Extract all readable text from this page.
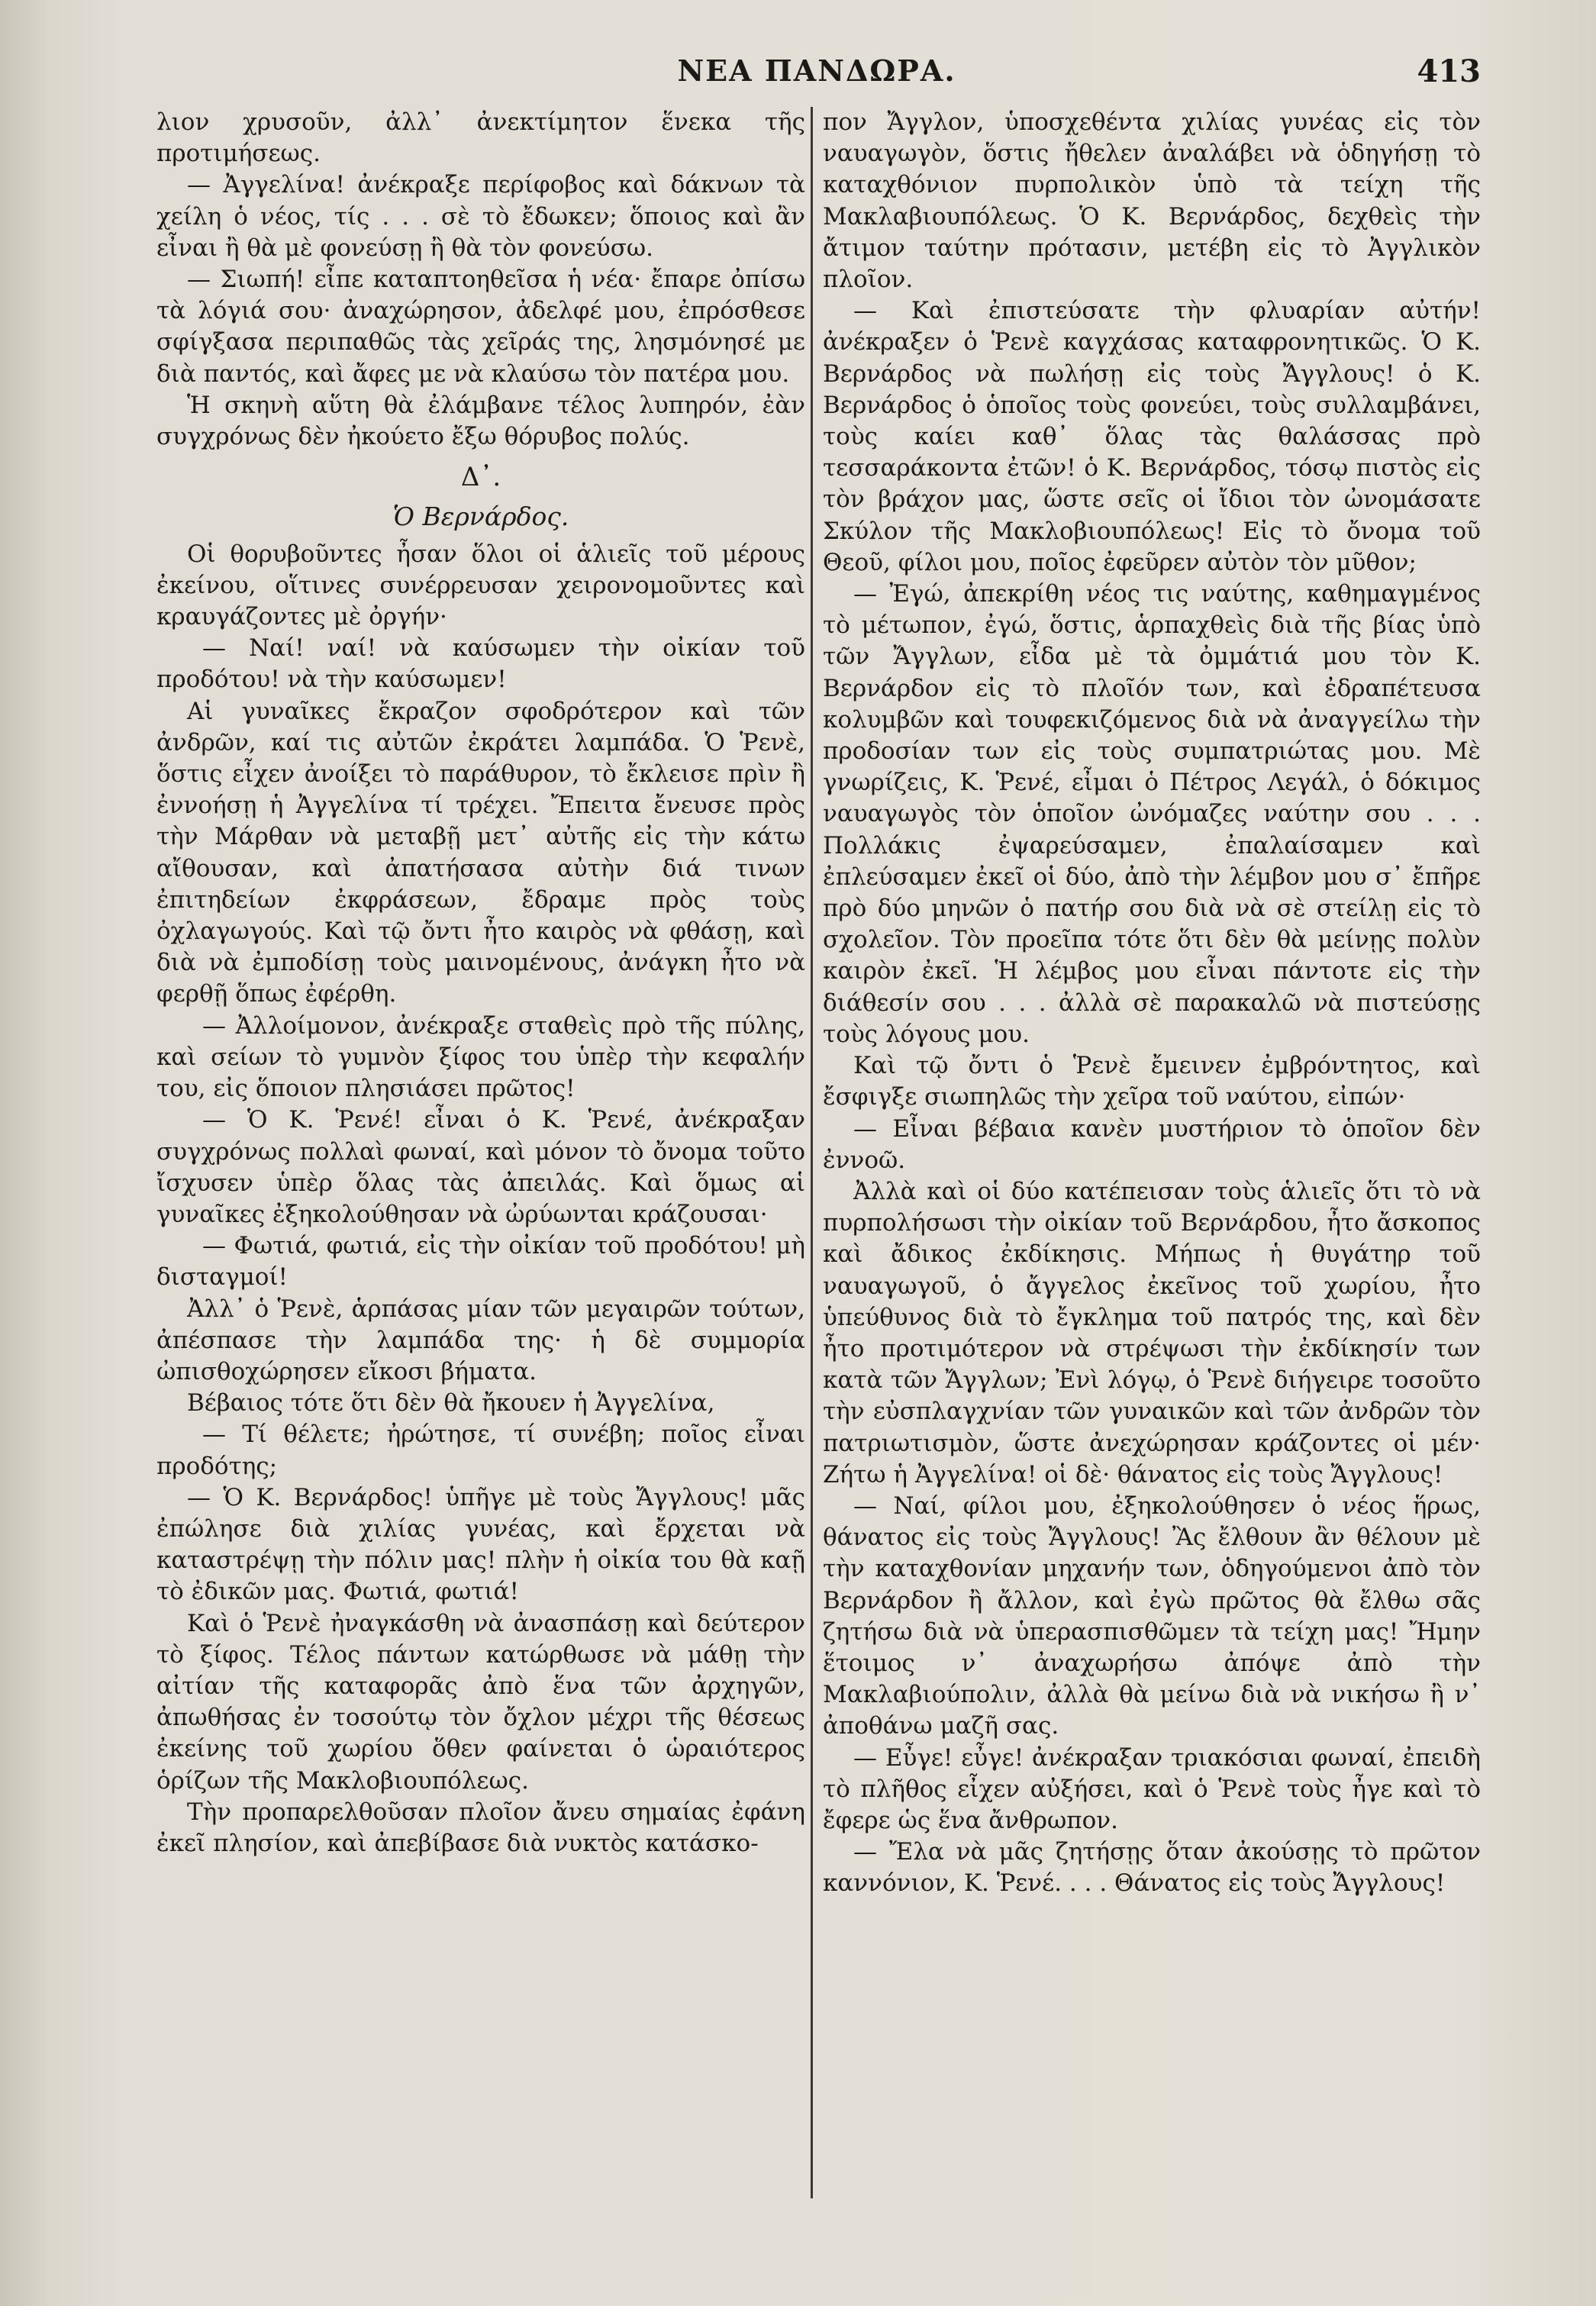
ΝΕΑ ΠΑΝΔΩΡΑ.	413

λιον χρυσοῦν, ἀλλ᾽ ἀνεκτίμητον ἕνεκα τῆς προτιμήσεως.

— Ἀγγελίνα! ἀνέκραξε περίφοβος καὶ δάκνων τὰ χείλη ὁ νέος, τίς . . . σὲ τὸ ἔδωκεν; ὅποιος καὶ ἂν εἶναι ἢ θὰ μὲ φονεύσῃ ἢ θὰ τὸν φονεύσω.

— Σιωπή! εἶπε καταπτοηθεῖσα ἡ νέα· ἔπαρε ὀπίσω τὰ λόγιά σου· ἀναχώρησον, ἀδελφέ μου, ἐπρόσθεσε σφίγξασα περιπαθῶς τὰς χεῖράς της, λησμόνησέ με διὰ παντός, καὶ ἄφες με νὰ κλαύσω τὸν πατέρα μου.

Ἡ σκηνὴ αὕτη θὰ ἐλάμβανε τέλος λυπηρόν, ἐὰν συγχρόνως δὲν ἠκούετο ἔξω θόρυβος πολύς.

Δ᾽.

Ὁ Βερνάρδος.

Οἱ θορυβοῦντες ἦσαν ὅλοι οἱ ἁλιεῖς τοῦ μέρους ἐκείνου, οἵτινες συνέρρευσαν χειρονομοῦντες καὶ κραυγάζοντες μὲ ὀργήν·

— Ναί! ναί! νὰ καύσωμεν τὴν οἰκίαν τοῦ προδότου! νὰ τὴν καύσωμεν!

Αἱ γυναῖκες ἔκραζον σφοδρότερον καὶ τῶν ἀνδρῶν, καί τις αὐτῶν ἐκράτει λαμπάδα. Ὁ Ῥενὲ, ὅστις εἶχεν ἀνοίξει τὸ παράθυρον, τὸ ἔκλεισε πρὶν ἢ ἐννοήσῃ ἡ Ἀγγελίνα τί τρέχει. Ἔπειτα ἔνευσε πρὸς τὴν Μάρθαν νὰ μεταβῇ μετ᾽ αὐτῆς εἰς τὴν κάτω αἴθουσαν, καὶ ἀπατήσασα αὐτὴν διά τινων ἐπιτηδείων ἐκφράσεων, ἔδραμε πρὸς τοὺς ὀχλαγωγούς. Καὶ τῷ ὄντι ἦτο καιρὸς νὰ φθάσῃ, καὶ διὰ νὰ ἐμποδίσῃ τοὺς μαινομένους, ἀνάγκη ἦτο νὰ φερθῇ ὅπως ἐφέρθη.

— Ἀλλοίμονον, ἀνέκραξε σταθεὶς πρὸ τῆς πύλης, καὶ σείων τὸ γυμνὸν ξίφος του ὑπὲρ τὴν κεφαλήν του, εἰς ὅποιον πλησιάσει πρῶτος!

— Ὁ Κ. Ῥενέ! εἶναι ὁ Κ. Ῥενέ, ἀνέκραξαν συγχρόνως πολλαὶ φωναί, καὶ μόνον τὸ ὄνομα τοῦτο ἴσχυσεν ὑπὲρ ὅλας τὰς ἀπειλάς. Καὶ ὅμως αἱ γυναῖκες ἐξηκολούθησαν νὰ ὠρύωνται κράζουσαι·

— Φωτιά, φωτιά, εἰς τὴν οἰκίαν τοῦ προδότου! μὴ δισταγμοί!

Ἀλλ᾽ ὁ Ῥενὲ, ἁρπάσας μίαν τῶν μεγαιρῶν τούτων, ἀπέσπασε τὴν λαμπάδα της· ἡ δὲ συμμορία ὠπισθοχώρησεν εἴκοσι βήματα.

Βέβαιος τότε ὅτι δὲν θὰ ἤκουεν ἡ Ἀγγελίνα,

— Τί θέλετε; ἠρώτησε, τί συνέβη; ποῖος εἶναι προδότης;

— Ὁ Κ. Βερνάρδος! ὑπῆγε μὲ τοὺς Ἄγγλους! μᾶς ἐπώλησε διὰ χιλίας γυνέας, καὶ ἔρχεται νὰ καταστρέψῃ τὴν πόλιν μας! πλὴν ἡ οἰκία του θὰ καῇ τὸ ἐδικῶν μας. Φωτιά, φωτιά!

Καὶ ὁ Ῥενὲ ἠναγκάσθη νὰ ἀνασπάσῃ καὶ δεύτερον τὸ ξίφος. Τέλος πάντων κατώρθωσε νὰ μάθῃ τὴν αἰτίαν τῆς καταφορᾶς ἀπὸ ἕνα τῶν ἀρχηγῶν, ἀπωθήσας ἐν τοσούτῳ τὸν ὄχλον μέχρι τῆς θέσεως ἐκείνης τοῦ χωρίου ὅθεν φαίνεται ὁ ὡραιότερος ὁρίζων τῆς Μακλοβιουπόλεως.

Τὴν προπαρελθοῦσαν πλοῖον ἄνευ σημαίας ἐφάνη ἐκεῖ πλησίον, καὶ ἀπεβίβασε διὰ νυκτὸς κατάσκο-

πον Ἄγγλον, ὑποσχεθέντα χιλίας γυνέας εἰς τὸν ναυαγωγὸν, ὅστις ἤθελεν ἀναλάβει νὰ ὁδηγήσῃ τὸ καταχθόνιον πυρπολικὸν ὑπὸ τὰ τείχη τῆς Μακλαβιουπόλεως. Ὁ Κ. Βερνάρδος, δεχθεὶς τὴν ἄτιμον ταύτην πρότασιν, μετέβη εἰς τὸ Ἀγγλικὸν πλοῖον.

— Καὶ ἐπιστεύσατε τὴν φλυαρίαν αὐτήν! ἀνέκραξεν ὁ Ῥενὲ καγχάσας καταφρονητικῶς. Ὁ Κ. Βερνάρδος νὰ πωλήσῃ εἰς τοὺς Ἄγγλους! ὁ Κ. Βερνάρδος ὁ ὁποῖος τοὺς φονεύει, τοὺς συλλαμβάνει, τοὺς καίει καθ᾽ ὅλας τὰς θαλάσσας πρὸ τεσσαράκοντα ἐτῶν! ὁ Κ. Βερνάρδος, τόσῳ πιστὸς εἰς τὸν βράχον μας, ὥστε σεῖς οἱ ἴδιοι τὸν ὠνομάσατε Σκύλον τῆς Μακλοβιουπόλεως! Εἰς τὸ ὄνομα τοῦ Θεοῦ, φίλοι μου, ποῖος ἐφεῦρεν αὐτὸν τὸν μῦθον;

— Ἐγώ, ἀπεκρίθη νέος τις ναύτης, καθημαγμένος τὸ μέτωπον, ἐγώ, ὅστις, ἁρπαχθεὶς διὰ τῆς βίας ὑπὸ τῶν Ἄγγλων, εἶδα μὲ τὰ ὀμμάτιά μου τὸν Κ. Βερνάρδον εἰς τὸ πλοῖόν των, καὶ ἐδραπέτευσα κολυμβῶν καὶ τουφεκιζόμενος διὰ νὰ ἀναγγείλω τὴν προδοσίαν των εἰς τοὺς συμπατριώτας μου. Μὲ γνωρίζεις, Κ. Ῥενέ, εἶμαι ὁ Πέτρος Λεγάλ, ὁ δόκιμος ναυαγωγὸς τὸν ὁποῖον ὠνόμαζες ναύτην σου . . . Πολλάκις ἐψαρεύσαμεν, ἐπαλαίσαμεν καὶ ἐπλεύσαμεν ἐκεῖ οἱ δύο, ἀπὸ τὴν λέμβον μου σ᾽ ἔπῆρε πρὸ δύο μηνῶν ὁ πατήρ σου διὰ νὰ σὲ στείλῃ εἰς τὸ σχολεῖον. Τὸν προεῖπα τότε ὅτι δὲν θὰ μείνῃς πολὺν καιρὸν ἐκεῖ. Ἡ λέμβος μου εἶναι πάντοτε εἰς τὴν διάθεσίν σου . . . ἀλλὰ σὲ παρακαλῶ νὰ πιστεύσῃς τοὺς λόγους μου.

Καὶ τῷ ὄντι ὁ Ῥενὲ ἔμεινεν ἐμβρόντητος, καὶ ἔσφιγξε σιωπηλῶς τὴν χεῖρα τοῦ ναύτου, εἰπών·

— Εἶναι βέβαια κανὲν μυστήριον τὸ ὁποῖον δὲν ἐννοῶ.

Ἀλλὰ καὶ οἱ δύο κατέπεισαν τοὺς ἁλιεῖς ὅτι τὸ νὰ πυρπολήσωσι τὴν οἰκίαν τοῦ Βερνάρδου, ἦτο ἄσκοπος καὶ ἄδικος ἐκδίκησις. Μήπως ἡ θυγάτηρ τοῦ ναυαγωγοῦ, ὁ ἄγγελος ἐκεῖνος τοῦ χωρίου, ἦτο ὑπεύθυνος διὰ τὸ ἔγκλημα τοῦ πατρός της, καὶ δὲν ἦτο προτιμότερον νὰ στρέψωσι τὴν ἐκδίκησίν των κατὰ τῶν Ἄγγλων; Ἐνὶ λόγῳ, ὁ Ῥενὲ διήγειρε τοσοῦτο τὴν εὐσπλαγχνίαν τῶν γυναικῶν καὶ τῶν ἀνδρῶν τὸν πατριωτισμὸν, ὥστε ἀνεχώρησαν κράζοντες οἱ μέν· Ζήτω ἡ Ἀγγελίνα! οἱ δὲ· θάνατος εἰς τοὺς Ἄγγλους!

— Ναί, φίλοι μου, ἐξηκολούθησεν ὁ νέος ἥρως, θάνατος εἰς τοὺς Ἄγγλους! Ἂς ἔλθουν ἂν θέλουν μὲ τὴν καταχθονίαν μηχανήν των, ὁδηγούμενοι ἀπὸ τὸν Βερνάρδον ἢ ἄλλον, καὶ ἐγὼ πρῶτος θὰ ἔλθω σᾶς ζητήσω διὰ νὰ ὑπερασπισθῶμεν τὰ τείχη μας! Ἤμην ἕτοιμος ν᾽ ἀναχωρήσω ἀπόψε ἀπὸ τὴν Μακλαβιούπολιν, ἀλλὰ θὰ μείνω διὰ νὰ νικήσω ἢ ν᾽ ἀποθάνω μαζῆ σας.

— Εὖγε! εὖγε! ἀνέκραξαν τριακόσιαι φωναί, ἐπειδὴ τὸ πλῆθος εἶχεν αὐξήσει, καὶ ὁ Ῥενὲ τοὺς ἦγε καὶ τὸ ἔφερε ὡς ἕνα ἄνθρωπον.

— Ἔλα νὰ μᾶς ζητήσῃς ὅταν ἀκούσῃς τὸ πρῶτον καννόνιον, Κ. Ῥενέ. . . . Θάνατος εἰς τοὺς Ἄγγλους!
